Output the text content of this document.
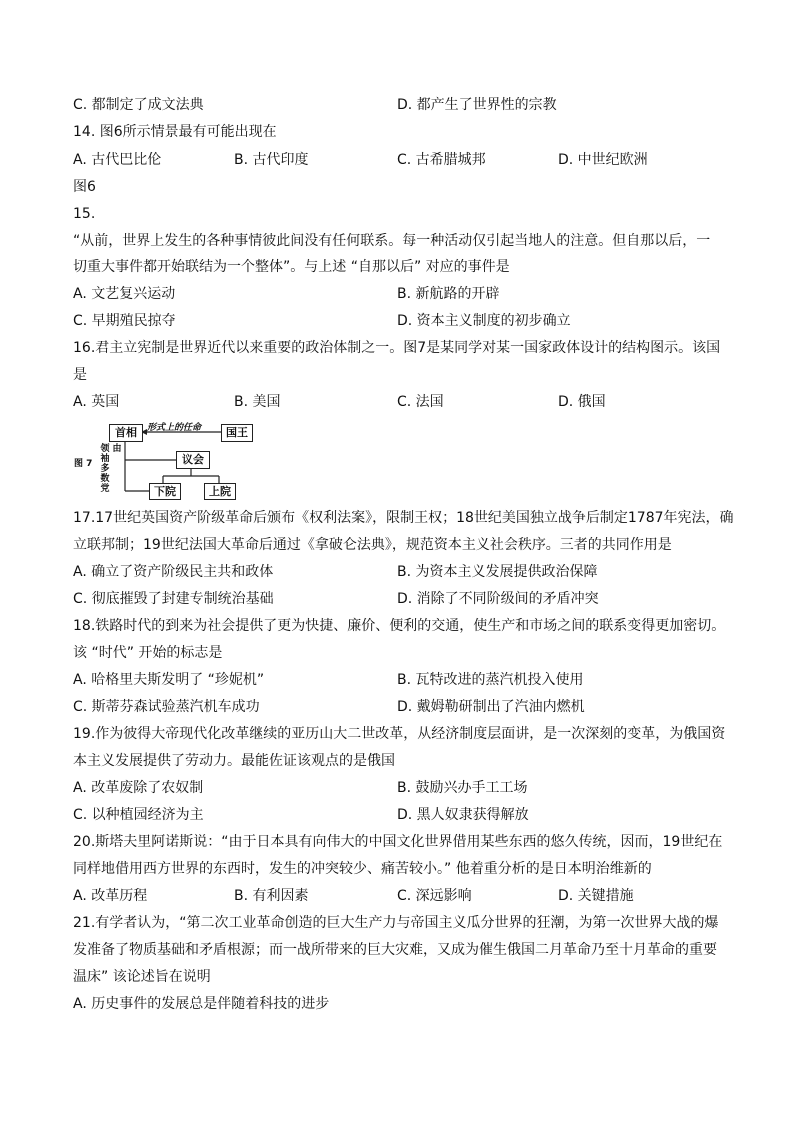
C. 都制定了成文法典	D. 都产生了世界性的宗教
14. 图6所示情景最有可能出现在
A. 古代巴比伦	B. 古代印度	C. 古希腊城邦	D. 中世纪欧洲
图6
15.
“从前，世界上发生的各种事情彼此间没有任何联系。每一种活动仅引起当地人的注意。但自那以后，一
切重大事件都开始联结为一个整体”。与上述 “自那以后” 对应的事件是
A. 文艺复兴运动	B. 新航路的开辟
C. 早期殖民掠夺	D. 资本主义制度的初步确立
16.君主立宪制是世界近代以来重要的政治体制之一。图7是某同学对某一国家政体设计的结构图示。该国
是
A. 英国	B. 美国	C. 法国	D. 俄国
图 7
首相	形式上的任命	国王
议会
由
领袖多数党	下院	上院
17.17世纪英国资产阶级革命后颁布《权利法案》，限制王权；18世纪美国独立战争后制定1787年宪法，确
立联邦制；19世纪法国大革命后通过《拿破仑法典》，规范资本主义社会秩序。三者的共同作用是
A. 确立了资产阶级民主共和政体	B. 为资本主义发展提供政治保障
C. 彻底摧毁了封建专制统治基础	D. 消除了不同阶级间的矛盾冲突
18.铁路时代的到来为社会提供了更为快捷、廉价、便利的交通，使生产和市场之间的联系变得更加密切。
该 “时代” 开始的标志是
A. 哈格里夫斯发明了 “珍妮机”	B. 瓦特改进的蒸汽机投入使用
C. 斯蒂芬森试验蒸汽机车成功	D. 戴姆勒研制出了汽油内燃机
19.作为彼得大帝现代化改革继续的亚历山大二世改革，从经济制度层面讲，是一次深刻的变革，为俄国资
本主义发展提供了劳动力。最能佐证该观点的是俄国
A. 改革废除了农奴制	B. 鼓励兴办手工工场
C. 以种植园经济为主	D. 黑人奴隶获得解放
20.斯塔夫里阿诺斯说：“由于日本具有向伟大的中国文化世界借用某些东西的悠久传统，因而，19世纪在
同样地借用西方世界的东西时，发生的冲突较少、痛苦较小。” 他着重分析的是日本明治维新的
A. 改革历程	B. 有利因素	C. 深远影响	D. 关键措施
21.有学者认为，“第二次工业革命创造的巨大生产力与帝国主义瓜分世界的狂潮，为第一次世界大战的爆
发准备了物质基础和矛盾根源；而一战所带来的巨大灾难，又成为催生俄国二月革命乃至十月革命的重要
温床” 该论述旨在说明
A. 历史事件的发展总是伴随着科技的进步
